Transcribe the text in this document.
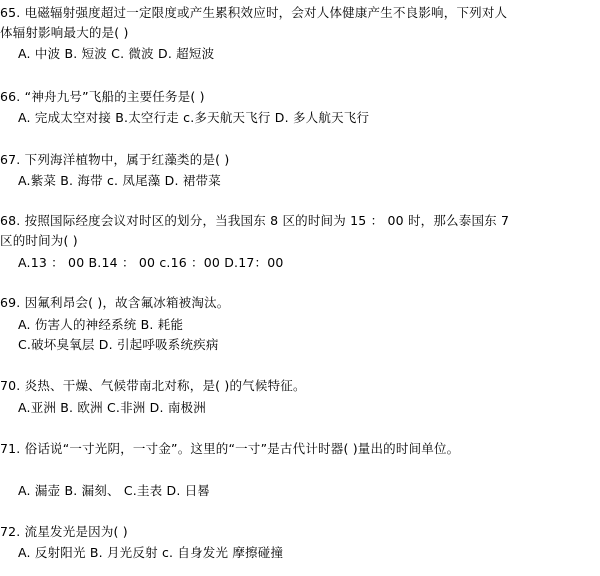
65. 电磁辐射强度超过一定限度或产生累积效应时，会对人体健康产生不良影响，下列对人
体辐射影响最大的是( )
A. 中波 B. 短波 C. 微波 D. 超短波
66. “神舟九号”飞船的主要任务是( )
A. 完成太空对接 B.太空行走 c.多天航天飞行 D. 多人航天飞行
67. 下列海洋植物中，属于红藻类的是( )
A.紫菜 B. 海带 c. 凤尾藻 D. 裙带菜
68. 按照国际经度会议对时区的划分，当我国东 8 区的时间为 15 ： 00 时，那么泰国东 7
区的时间为( )
A.13 ： 00 B.14 ： 00 c.16 ：00 D.17：00
69. 因氟利昂会( )，故含氟冰箱被淘汰。
A. 伤害人的神经系统 B. 耗能
C.破坏臭氧层 D. 引起呼吸系统疾病
70. 炎热、干燥、气候带南北对称，是( )的气候特征。
A.亚洲 B. 欧洲 C.非洲 D. 南极洲
71. 俗话说“一寸光阴，一寸金”。这里的“一寸”是古代计时器( )量出的时间单位。
A. 漏壶 B. 漏刻、 C.圭表 D. 日晷
72. 流星发光是因为( )
A. 反射阳光 B. 月光反射 c. 自身发光 摩擦碰撞
